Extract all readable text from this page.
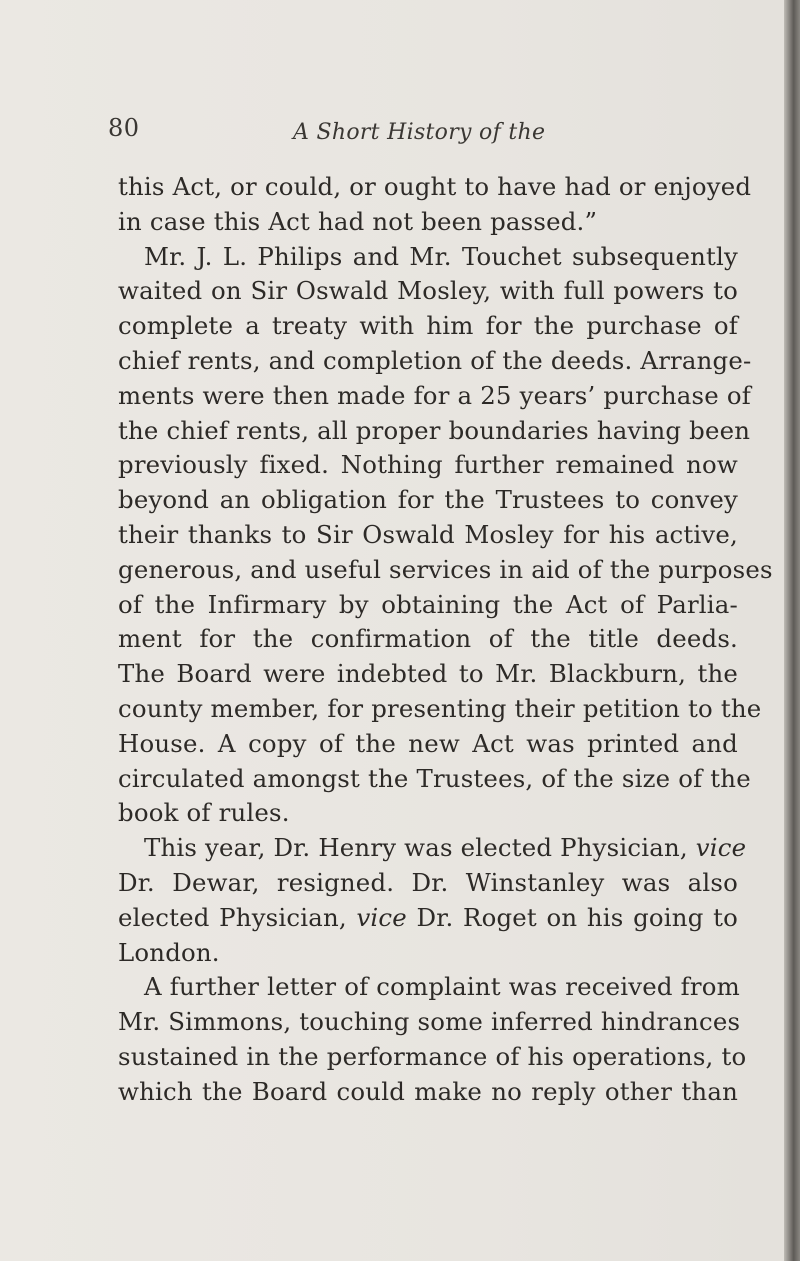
80	A Short History of the
this Act, or could, or ought to have had or enjoyed
in case this Act had not been passed.”
Mr. J. L. Philips and Mr. Touchet subsequently
waited on Sir Oswald Mosley, with full powers to
complete a treaty with him for the purchase of
chief rents, and completion of the deeds. Arrange-
ments were then made for a 25 years’ purchase of
the chief rents, all proper boundaries having been
previously fixed. Nothing further remained now
beyond an obligation for the Trustees to convey
their thanks to Sir Oswald Mosley for his active,
generous, and useful services in aid of the purposes
of the Infirmary by obtaining the Act of Parlia-
ment for the confirmation of the title deeds.
The Board were indebted to Mr. Blackburn, the
county member, for presenting their petition to the
House. A copy of the new Act was printed and
circulated amongst the Trustees, of the size of the
book of rules.
This year, Dr. Henry was elected Physician, vice
Dr. Dewar, resigned. Dr. Winstanley was also
elected Physician, vice Dr. Roget on his going to
London.
A further letter of complaint was received from
Mr. Simmons, touching some inferred hindrances
sustained in the performance of his operations, to
which the Board could make no reply other than
